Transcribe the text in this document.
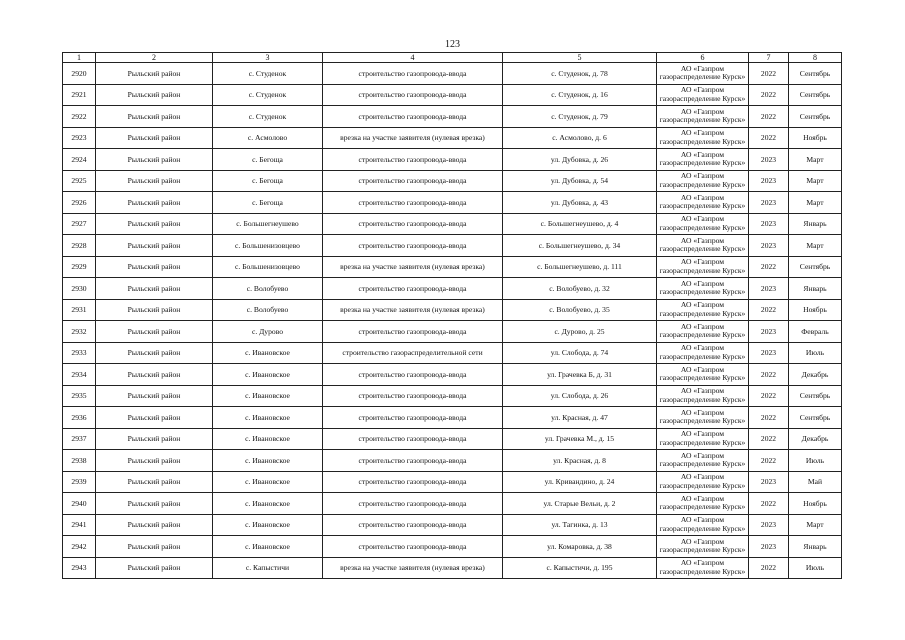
123
1	2	3	4	5	6	7	8
2920	Рыльский район	с. Студенок	строительство газопровода-ввода	с. Студенок, д. 78	АО «Газпром
газораспределение Курск»	2022	Сентябрь
2921	Рыльский район	с. Студенок	строительство газопровода-ввода	с. Студенок, д. 16	АО «Газпром
газораспределение Курск»	2022	Сентябрь
2922	Рыльский район	с. Студенок	строительство газопровода-ввода	с. Студенок, д. 79	АО «Газпром
газораспределение Курск»	2022	Сентябрь
2923	Рыльский район	с. Асмолово	врезка на участке заявителя (нулевая врезка)	с. Асмолово, д. 6	АО «Газпром
газораспределение Курск»	2022	Ноябрь
2924	Рыльский район	с. Бегоща	строительство газопровода-ввода	ул. Дубовка, д. 26	АО «Газпром
газораспределение Курск»	2023	Март
2925	Рыльский район	с. Бегоща	строительство газопровода-ввода	ул. Дубовка, д. 54	АО «Газпром
газораспределение Курск»	2023	Март
2926	Рыльский район	с. Бегоща	строительство газопровода-ввода	ул. Дубовка, д. 43	АО «Газпром
газораспределение Курск»	2023	Март
2927	Рыльский район	с. Большегнеушево	строительство газопровода-ввода	с. Большегнеушево, д. 4	АО «Газпром
газораспределение Курск»	2023	Январь
2928	Рыльский район	с. Большенизовцево	строительство газопровода-ввода	с. Большегнеушево, д. 34	АО «Газпром
газораспределение Курск»	2023	Март
2929	Рыльский район	с. Большенизовцево	врезка на участке заявителя (нулевая врезка)	с. Большегнеушево, д. 111	АО «Газпром
газораспределение Курск»	2022	Сентябрь
2930	Рыльский район	с. Волобуево	строительство газопровода-ввода	с. Волобуево, д. 32	АО «Газпром
газораспределение Курск»	2023	Январь
2931	Рыльский район	с. Волобуево	врезка на участке заявителя (нулевая врезка)	с. Волобуево, д. 35	АО «Газпром
газораспределение Курск»	2022	Ноябрь
2932	Рыльский район	с. Дурово	строительство газопровода-ввода	с. Дурово, д. 25	АО «Газпром
газораспределение Курск»	2023	Февраль
2933	Рыльский район	с. Ивановское	строительство газораспределительной сети	ул. Слобода, д. 74	АО «Газпром
газораспределение Курск»	2023	Июль
2934	Рыльский район	с. Ивановское	строительство газопровода-ввода	ул. Грачевка Б, д. 31	АО «Газпром
газораспределение Курск»	2022	Декабрь
2935	Рыльский район	с. Ивановское	строительство газопровода-ввода	ул. Слобода, д. 26	АО «Газпром
газораспределение Курск»	2022	Сентябрь
2936	Рыльский район	с. Ивановское	строительство газопровода-ввода	ул. Красная, д. 47	АО «Газпром
газораспределение Курск»	2022	Сентябрь
2937	Рыльский район	с. Ивановское	строительство газопровода-ввода	ул. Грачевка М., д. 15	АО «Газпром
газораспределение Курск»	2022	Декабрь
2938	Рыльский район	с. Ивановское	строительство газопровода-ввода	ул. Красная, д. 8	АО «Газпром
газораспределение Курск»	2022	Июль
2939	Рыльский район	с. Ивановское	строительство газопровода-ввода	ул. Кривандино, д. 24	АО «Газпром
газораспределение Курск»	2023	Май
2940	Рыльский район	с. Ивановское	строительство газопровода-ввода	ул. Старые Вельи, д. 2	АО «Газпром
газораспределение Курск»	2022	Ноябрь
2941	Рыльский район	с. Ивановское	строительство газопровода-ввода	ул. Тагинка, д. 13	АО «Газпром
газораспределение Курск»	2023	Март
2942	Рыльский район	с. Ивановское	строительство газопровода-ввода	ул. Комаровка, д. 38	АО «Газпром
газораспределение Курск»	2023	Январь
2943	Рыльский район	с. Капыстичи	врезка на участке заявителя (нулевая врезка)	с. Капыстичи, д. 195	АО «Газпром
газораспределение Курск»	2022	Июль
